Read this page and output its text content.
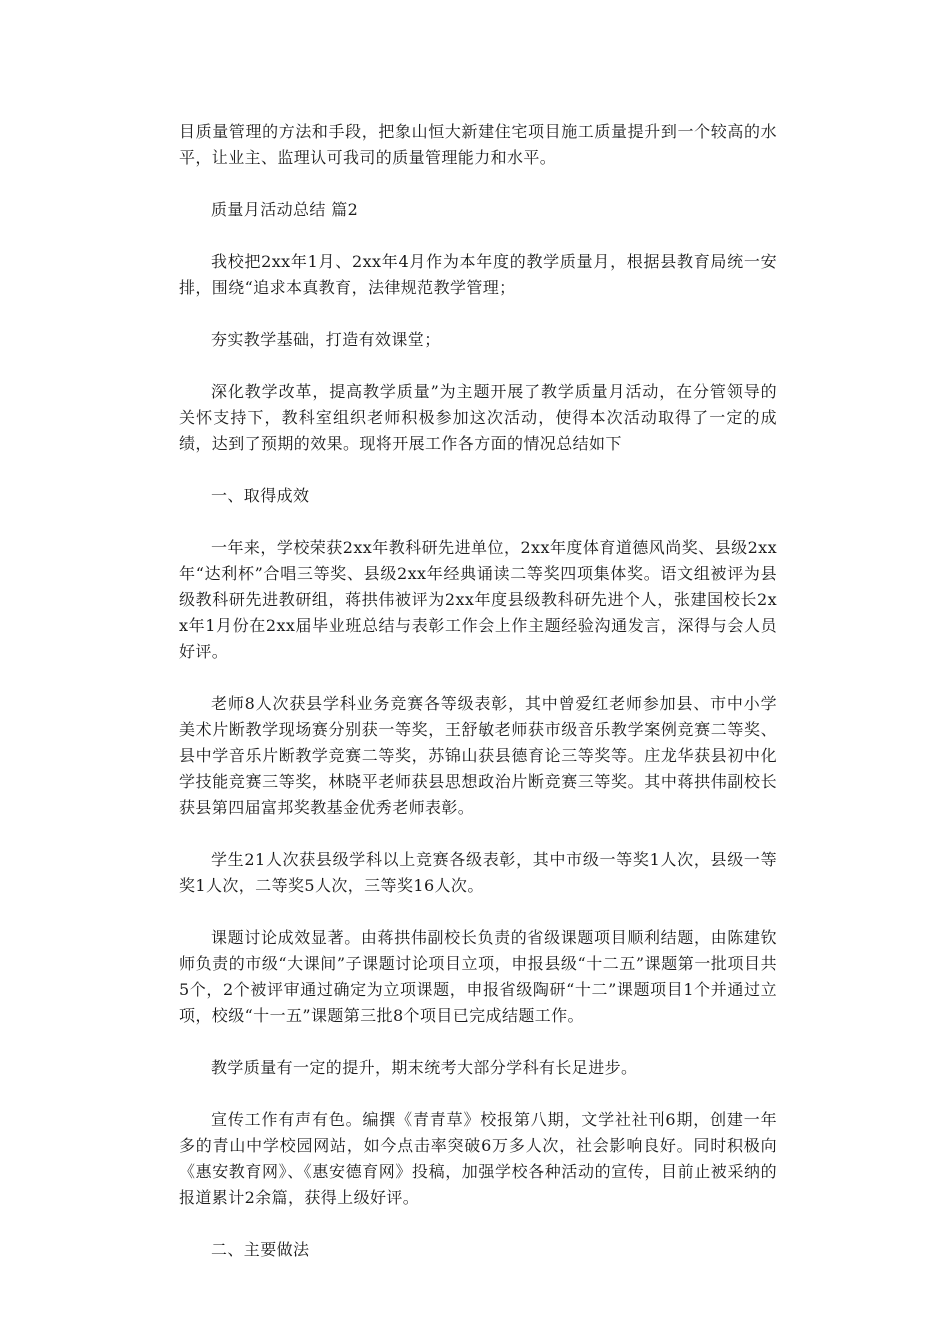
目质量管理的方法和手段，把象山恒大新建住宅项目施工质量提升到一个较高的水平，让业主、监理认可我司的质量管理能力和水平。

质量月活动总结 篇2

我校把2xx年1月、2xx年4月作为本年度的教学质量月，根据县教育局统一安排，围绕“追求本真教育，法律规范教学管理；

夯实教学基础，打造有效课堂；

深化教学改革，提高教学质量”为主题开展了教学质量月活动，在分管领导的关怀支持下，教科室组织老师积极参加这次活动，使得本次活动取得了一定的成绩，达到了预期的效果。现将开展工作各方面的情况总结如下

一、取得成效

一年来，学校荣获2xx年教科研先进单位，2xx年度体育道德风尚奖、县级2xx年“达利杯”合唱三等奖、县级2xx年经典诵读二等奖四项集体奖。语文组被评为县级教科研先进教研组，蒋拱伟被评为2xx年度县级教科研先进个人，张建国校长2xx年1月份在2xx届毕业班总结与表彰工作会上作主题经验沟通发言，深得与会人员好评。

老师8人次获县学科业务竞赛各等级表彰，其中曾爱红老师参加县、市中小学美术片断教学现场赛分别获一等奖，王舒敏老师获市级音乐教学案例竞赛二等奖、县中学音乐片断教学竞赛二等奖，苏锦山获县德育论三等奖等。庄龙华获县初中化学技能竞赛三等奖，林晓平老师获县思想政治片断竞赛三等奖。其中蒋拱伟副校长获县第四届富邦奖教基金优秀老师表彰。

学生21人次获县级学科以上竞赛各级表彰，其中市级一等奖1人次，县级一等奖1人次，二等奖5人次，三等奖16人次。

课题讨论成效显著。由蒋拱伟副校长负责的省级课题项目顺利结题，由陈建钦师负责的市级“大课间”子课题讨论项目立项，申报县级“十二五”课题第一批项目共5个，2个被评审通过确定为立项课题，申报省级陶研“十二”课题项目1个并通过立项，校级“十一五”课题第三批8个项目已完成结题工作。

教学质量有一定的提升，期末统考大部分学科有长足进步。

宣传工作有声有色。编撰《青青草》校报第八期，文学社社刊6期，创建一年多的青山中学校园网站，如今点击率突破6万多人次，社会影响良好。同时积极向《惠安教育网》、《惠安德育网》投稿，加强学校各种活动的宣传，目前止被采纳的报道累计2余篇，获得上级好评。

二、主要做法
